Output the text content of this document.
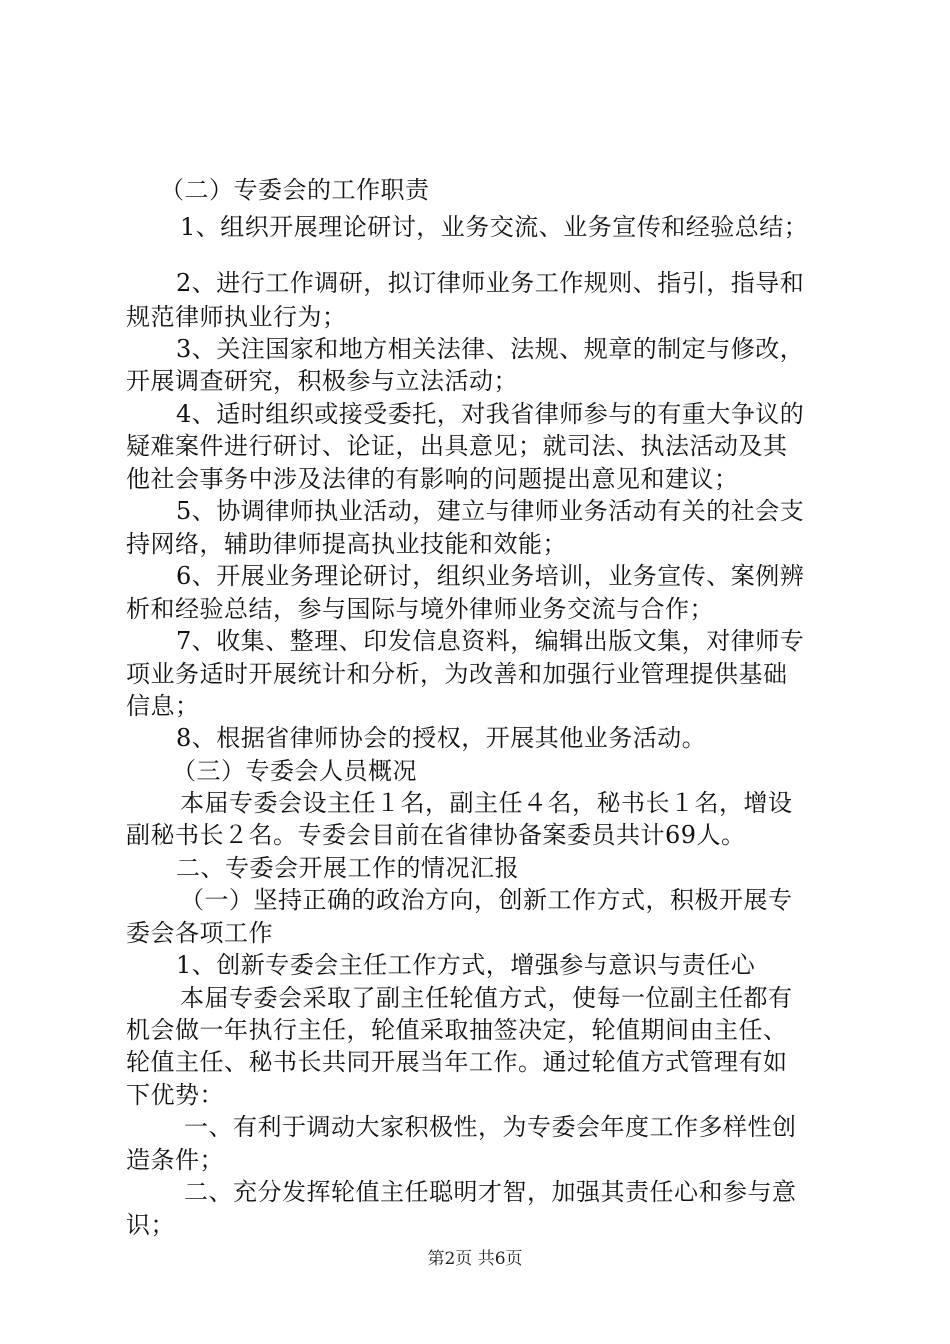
（二）专委会的工作职责
1、组织开展理论研讨，业务交流、业务宣传和经验总结；
2、进行工作调研，拟订律师业务工作规则、指引，指导和
规范律师执业行为；
3、关注国家和地方相关法律、法规、规章的制定与修改，
开展调查研究，积极参与立法活动；
4、适时组织或接受委托，对我省律师参与的有重大争议的
疑难案件进行研讨、论证，出具意见；就司法、执法活动及其
他社会事务中涉及法律的有影响的问题提出意见和建议；
5、协调律师执业活动，建立与律师业务活动有关的社会支
持网络，辅助律师提高执业技能和效能；
6、开展业务理论研讨，组织业务培训，业务宣传、案例辨
析和经验总结，参与国际与境外律师业务交流与合作；
7、收集、整理、印发信息资料，编辑出版文集，对律师专
项业务适时开展统计和分析，为改善和加强行业管理提供基础
信息；
8、根据省律师协会的授权，开展其他业务活动。
（三）专委会人员概况
本届专委会设主任１名，副主任４名，秘书长１名，增设
副秘书长２名。专委会目前在省律协备案委员共计69人。
二、专委会开展工作的情况汇报
（一）坚持正确的政治方向，创新工作方式，积极开展专
委会各项工作
1、创新专委会主任工作方式，增强参与意识与责任心
本届专委会采取了副主任轮值方式，使每一位副主任都有
机会做一年执行主任，轮值采取抽签决定，轮值期间由主任、
轮值主任、秘书长共同开展当年工作。通过轮值方式管理有如
下优势：
一、有利于调动大家积极性，为专委会年度工作多样性创
造条件；
二、充分发挥轮值主任聪明才智，加强其责任心和参与意
识；
第2页 共6页
